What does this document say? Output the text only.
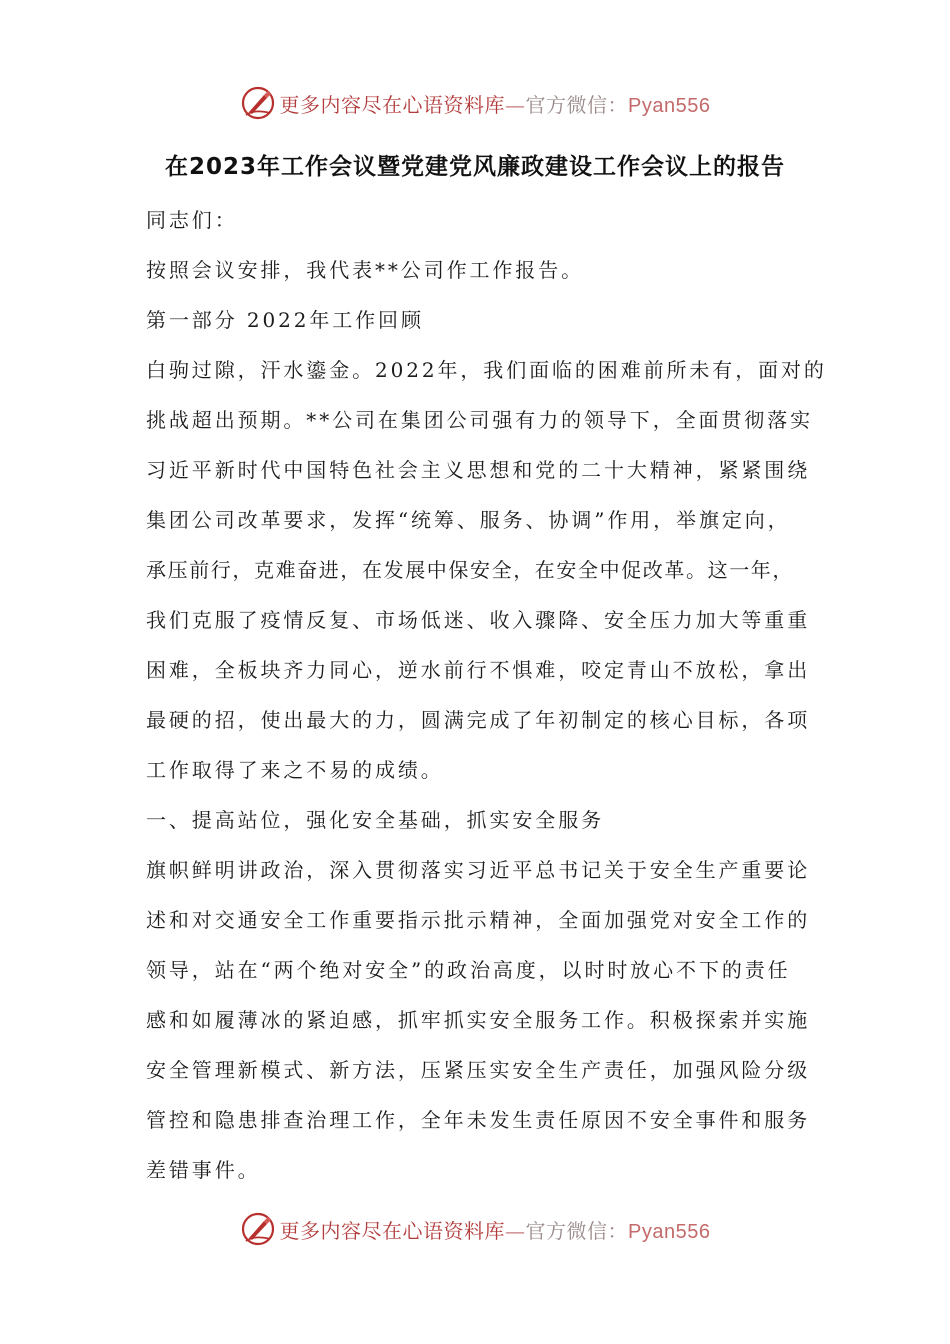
更多内容尽在心语资料库—官方微信：Pyan556
在2023年工作会议暨党建党风廉政建设工作会议上的报告
同志们：
按照会议安排，我代表**公司作工作报告。
第一部分 2022年工作回顾
白驹过隙，汗水鎏金。2022年，我们面临的困难前所未有，面对的
挑战超出预期。**公司在集团公司强有力的领导下，全面贯彻落实
习近平新时代中国特色社会主义思想和党的二十大精神，紧紧围绕
集团公司改革要求，发挥“统筹、服务、协调”作用，举旗定向，
承压前行，克难奋进，在发展中保安全，在安全中促改革。这一年，
我们克服了疫情反复、市场低迷、收入骤降、安全压力加大等重重
困难，全板块齐力同心，逆水前行不惧难，咬定青山不放松，拿出
最硬的招，使出最大的力，圆满完成了年初制定的核心目标，各项
工作取得了来之不易的成绩。
一、提高站位，强化安全基础，抓实安全服务
旗帜鲜明讲政治，深入贯彻落实习近平总书记关于安全生产重要论
述和对交通安全工作重要指示批示精神，全面加强党对安全工作的
领导，站在“两个绝对安全”的政治高度，以时时放心不下的责任
感和如履薄冰的紧迫感，抓牢抓实安全服务工作。积极探索并实施
安全管理新模式、新方法，压紧压实安全生产责任，加强风险分级
管控和隐患排查治理工作，全年未发生责任原因不安全事件和服务
差错事件。
更多内容尽在心语资料库—官方微信：Pyan556
